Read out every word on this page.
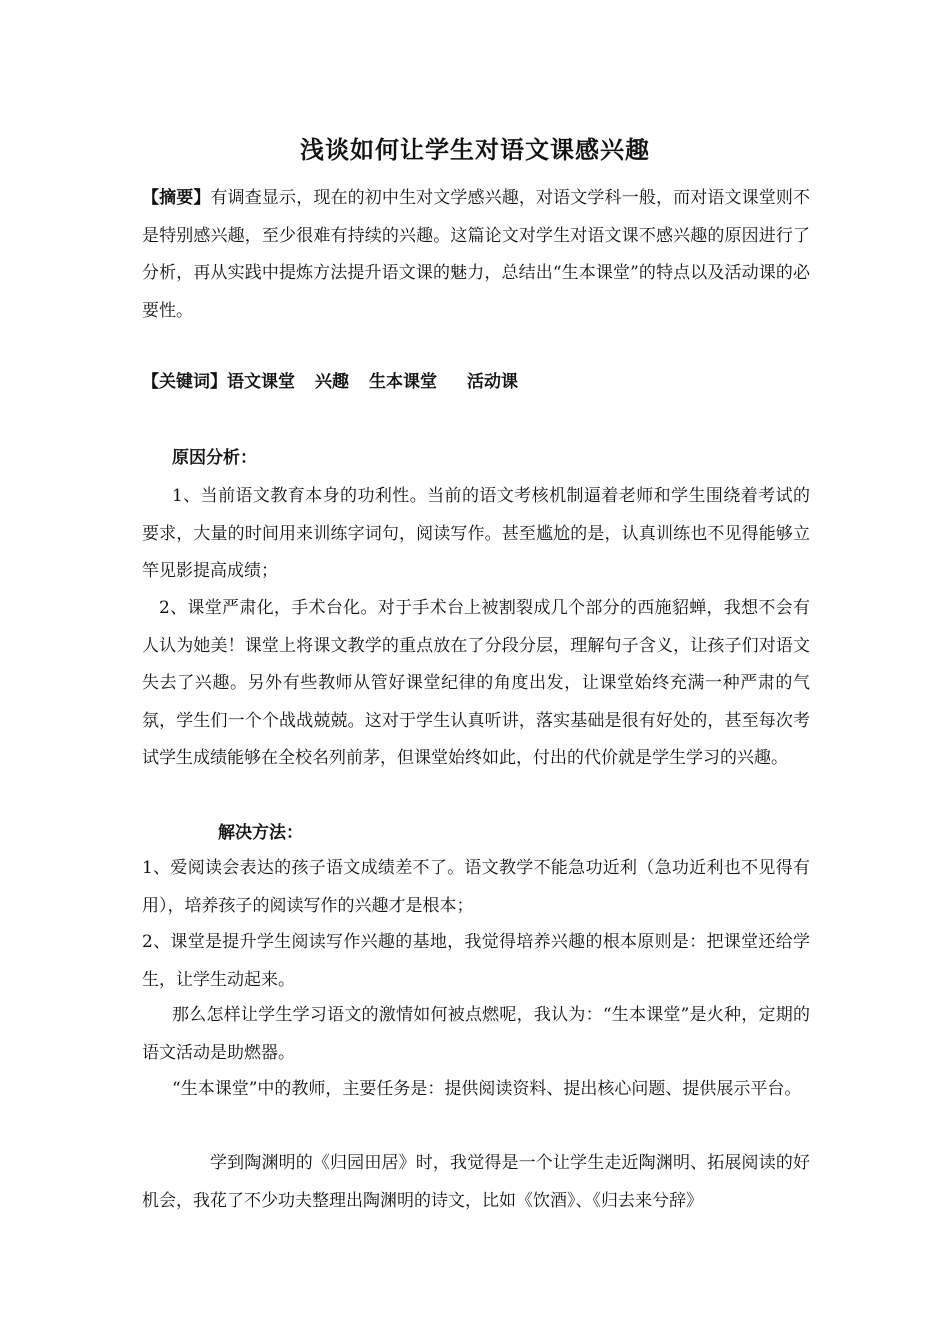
浅谈如何让学生对语文课感兴趣

【摘要】有调查显示，现在的初中生对文学感兴趣，对语文学科一般，而对语文课堂则不是特别感兴趣，至少很难有持续的兴趣。这篇论文对学生对语文课不感兴趣的原因进行了分析，再从实践中提炼方法提升语文课的魅力，总结出“生本课堂”的特点以及活动课的必要性。

【关键词】语文课堂 兴趣 生本课堂 活动课

原因分析：

1、当前语文教育本身的功利性。当前的语文考核机制逼着老师和学生围绕着考试的要求，大量的时间用来训练字词句，阅读写作。甚至尴尬的是，认真训练也不见得能够立竿见影提高成绩；

2、课堂严肃化，手术台化。对于手术台上被割裂成几个部分的西施貂蝉，我想不会有人认为她美！课堂上将课文教学的重点放在了分段分层，理解句子含义，让孩子们对语文失去了兴趣。另外有些教师从管好课堂纪律的角度出发，让课堂始终充满一种严肃的气氛，学生们一个个战战兢兢。这对于学生认真听讲，落实基础是很有好处的，甚至每次考试学生成绩能够在全校名列前茅，但课堂始终如此，付出的代价就是学生学习的兴趣。

解决方法：

1、爱阅读会表达的孩子语文成绩差不了。语文教学不能急功近利（急功近利也不见得有用），培养孩子的阅读写作的兴趣才是根本；

2、课堂是提升学生阅读写作兴趣的基地，我觉得培养兴趣的根本原则是：把课堂还给学生，让学生动起来。

那么怎样让学生学习语文的激情如何被点燃呢，我认为：“生本课堂”是火种，定期的语文活动是助燃器。

“生本课堂”中的教师，主要任务是：提供阅读资料、提出核心问题、提供展示平台。

学到陶渊明的《归园田居》时，我觉得是一个让学生走近陶渊明、拓展阅读的好机会，我花了不少功夫整理出陶渊明的诗文，比如《饮酒》、《归去来兮辞》
